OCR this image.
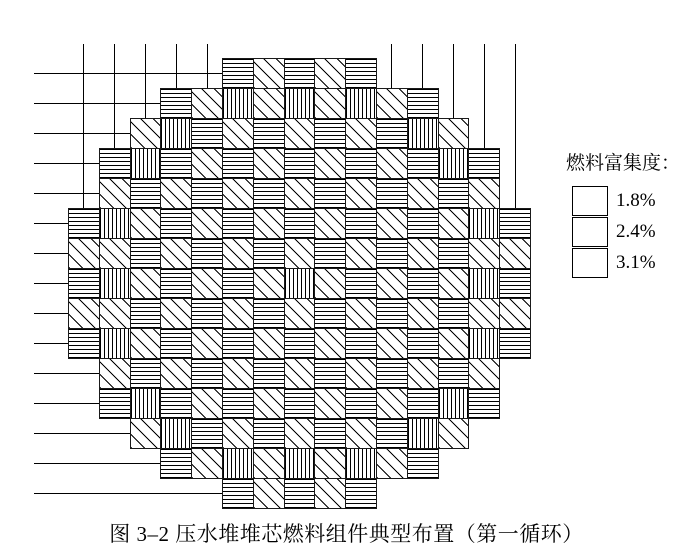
燃料富集度：
1.8%
2.4%
3.1%
图 3–2 压水堆堆芯燃料组件典型布置（第一循环）
